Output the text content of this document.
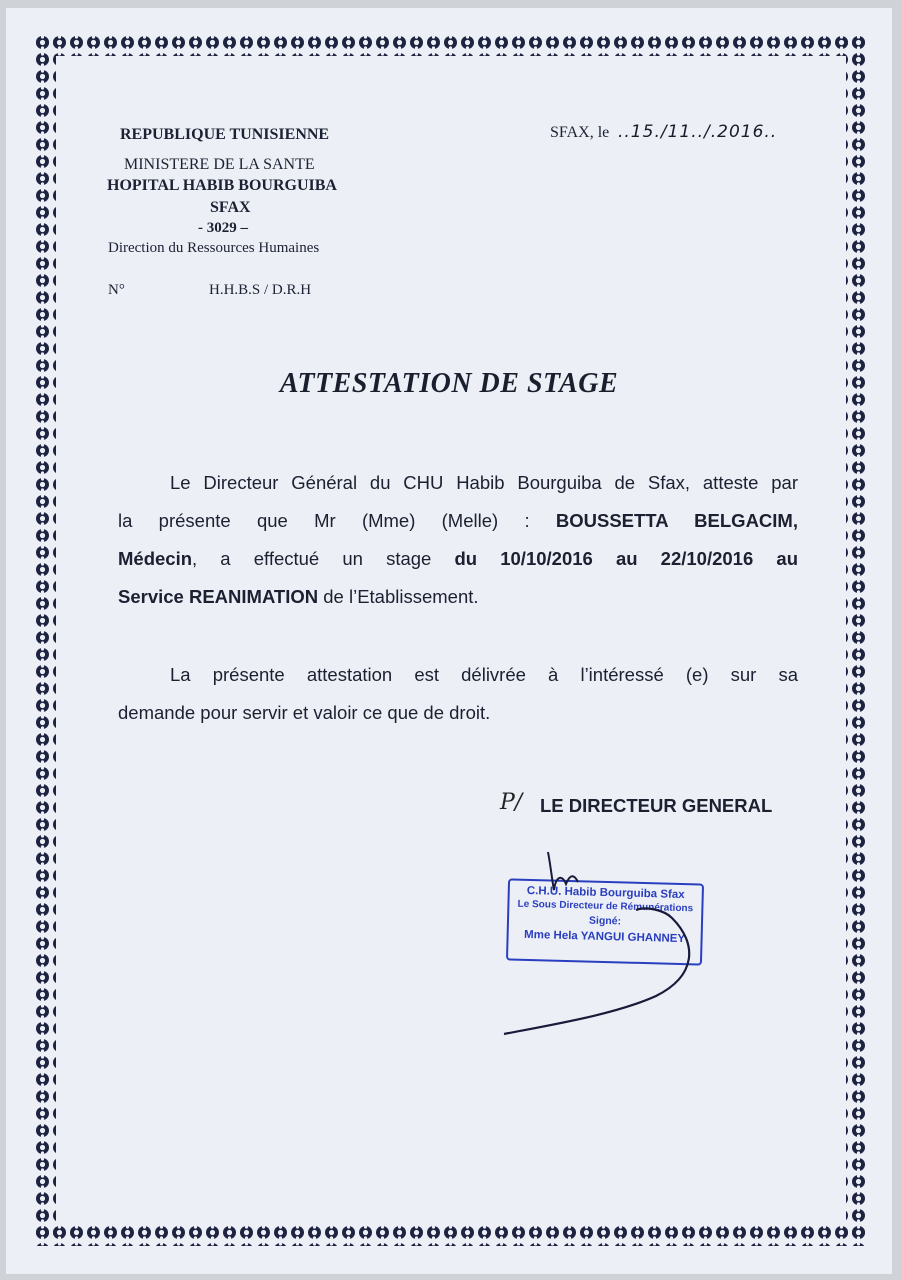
REPUBLIQUE TUNISIENNE
MINISTERE DE LA SANTE
HOPITAL HABIB BOURGUIBA
SFAX
- 3029 –
Direction du Ressources Humaines
N°	H.H.B.S / D.R.H
SFAX, le ..15./11../.2016..
ATTESTATION DE STAGE
Le Directeur Général du CHU Habib Bourguiba de Sfax, atteste par
la présente que Mr (Mme) (Melle) : BOUSSETTA BELGACIM,
Médecin, a effectué un stage du 10/10/2016 au 22/10/2016 au
Service REANIMATION de l’Etablissement.
La présente attestation est délivrée à l’intéressé (e) sur sa
demande pour servir et valoir ce que de droit.
P/ LE DIRECTEUR GENERAL
C.H.U. Habib Bourguiba Sfax
Le Sous Directeur de Rémunérations
Signé:
Mme Hela YANGUI GHANNEY
